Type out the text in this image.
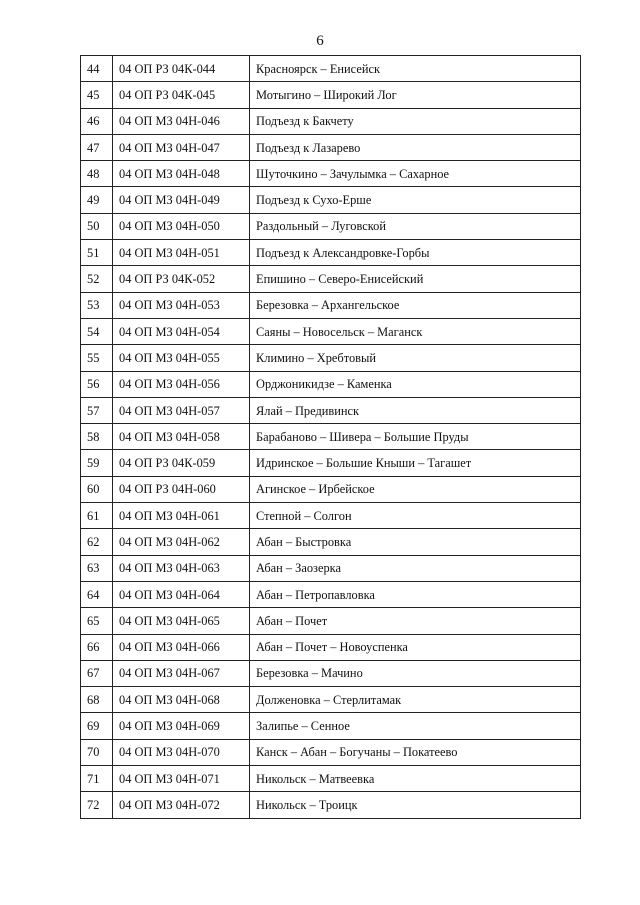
6
44	04 ОП РЗ 04К-044	Красноярск – Енисейск
45	04 ОП РЗ 04К-045	Мотыгино – Широкий Лог
46	04 ОП МЗ 04Н-046	Подъезд к Бакчету
47	04 ОП МЗ 04Н-047	Подъезд к Лазарево
48	04 ОП МЗ 04Н-048	Шуточкино – Зачулымка – Сахарное
49	04 ОП МЗ 04Н-049	Подъезд к Сухо-Ерше
50	04 ОП МЗ 04Н-050	Раздольный – Луговской
51	04 ОП МЗ 04Н-051	Подъезд к Александровке-Горбы
52	04 ОП РЗ 04К-052	Епишино – Северо-Енисейский
53	04 ОП МЗ 04Н-053	Березовка – Архангельское
54	04 ОП МЗ 04Н-054	Саяны – Новосельск – Маганск
55	04 ОП МЗ 04Н-055	Климино – Хребтовый
56	04 ОП МЗ 04Н-056	Орджоникидзе – Каменка
57	04 ОП МЗ 04Н-057	Ялай – Предивинск
58	04 ОП МЗ 04Н-058	Барабаново – Шивера – Большие Пруды
59	04 ОП РЗ 04К-059	Идринское – Большие Кныши – Тагашет
60	04 ОП РЗ 04Н-060	Агинское – Ирбейское
61	04 ОП МЗ 04Н-061	Степной – Солгон
62	04 ОП МЗ 04Н-062	Абан – Быстровка
63	04 ОП МЗ 04Н-063	Абан – Заозерка
64	04 ОП МЗ 04Н-064	Абан – Петропавловка
65	04 ОП МЗ 04Н-065	Абан – Почет
66	04 ОП МЗ 04Н-066	Абан – Почет – Новоуспенка
67	04 ОП МЗ 04Н-067	Березовка – Мачино
68	04 ОП МЗ 04Н-068	Долженовка – Стерлитамак
69	04 ОП МЗ 04Н-069	Залипье – Сенное
70	04 ОП МЗ 04Н-070	Канск – Абан – Богучаны – Покатеево
71	04 ОП МЗ 04Н-071	Никольск – Матвеевка
72	04 ОП МЗ 04Н-072	Никольск – Троицк
